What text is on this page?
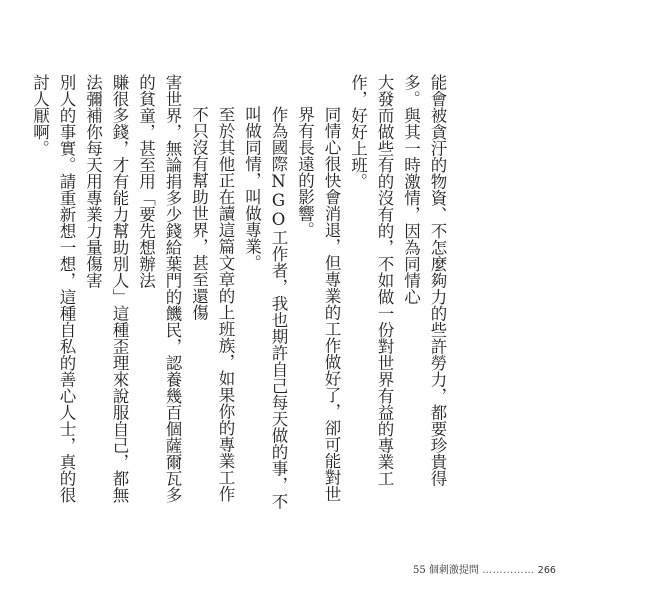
能會被貪汙的物資、不怎麼夠力的些許勞力，都要珍貴得多。與其一時激情，因為同情心

大發而做些有的沒有的，不如做一份對世界有益的專業工作，好好上班。

同情心很快會消退，但專業的工作做好了，卻可能對世界有長遠的影響。

作為國際NGO工作者，我也期許自己每天做的事，不叫做同情，叫做專業。

至於其他正在讀這篇文章的上班族，如果你的專業工作不只沒有幫助世界，甚至還傷

害世界，無論捐多少錢給葉門的饑民，認養幾百個薩爾瓦多的貧童，甚至用「要先想辦法

賺很多錢，才有能力幫助別人」這種歪理來說服自己，都無法彌補你每天用專業力量傷害

別人的事實。請重新想一想，這種自私的善心人士，真的很討人厭啊。

55 個刺激提問 …………… 266
